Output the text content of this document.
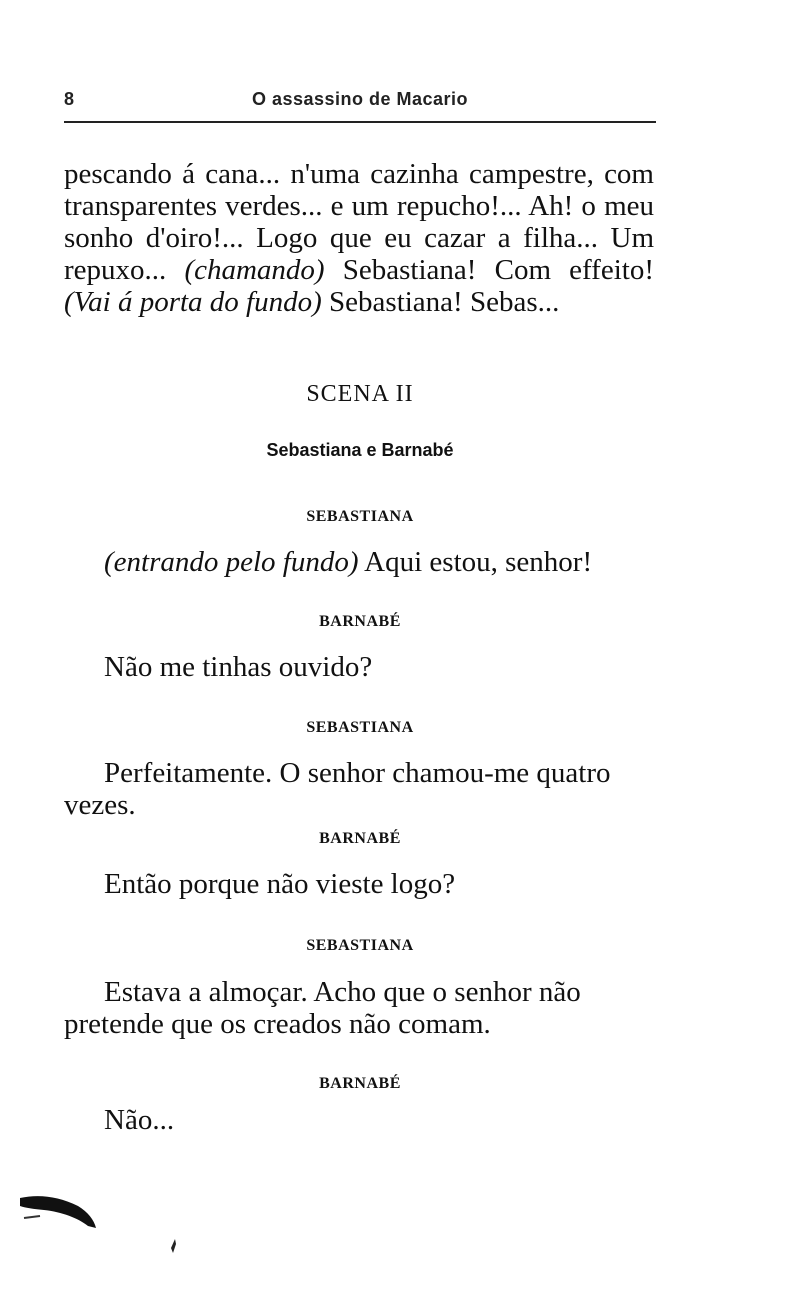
8	O assassino de Macario

pescando á cana... n'uma cazinha campestre, com transparentes verdes... e um repucho!... Ah! o meu sonho d'oiro!... Logo que eu cazar a filha... Um repuxo... (chamando) Sebastiana! Com effeito! (Vai á porta do fundo) Sebastiana! Sebas...

SCENA II
Sebastiana e Barnabé
SEBASTIANA

(entrando pelo fundo) Aqui estou, senhor!

BARNABÉ

Não me tinhas ouvido?

SEBASTIANA

Perfeitamente. O senhor chamou-me quatro vezes.

BARNABÉ

Então porque não vieste logo?

SEBASTIANA

Estava a almoçar. Acho que o senhor não pretende que os creados não comam.

BARNABÉ

Não...
